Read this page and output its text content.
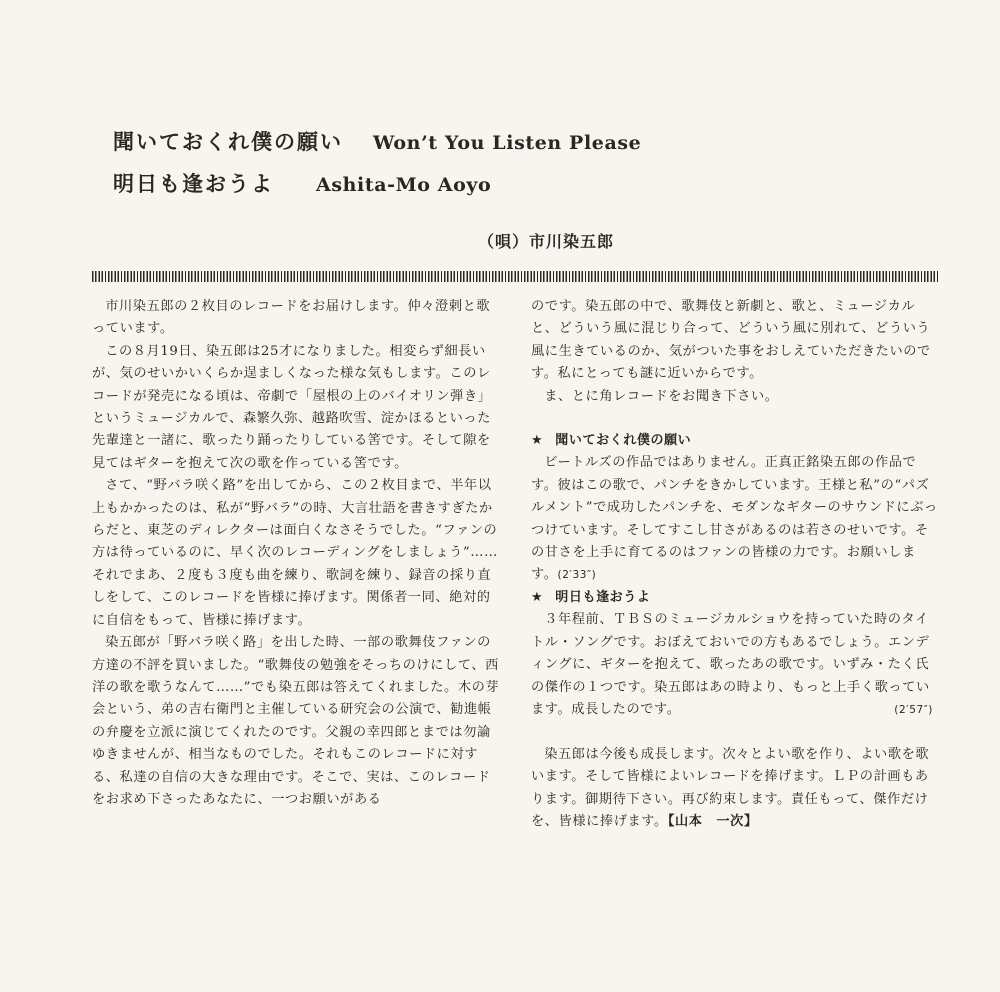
聞いておくれ僕の願い Won’t You Listen Please
明日も逢おうよ Ashita-Mo Aoyo
（唄）市川染五郎

市川染五郎の２枚目のレコードをお届けします。仲々澄剌と歌っています。

この８月19日、染五郎は25才になりました。相変らず細長いが、気のせいかいくらか逞ましくなった様な気もします。このレコードが発売になる頃は、帝劇で「屋根の上のバイオリン弾き」というミュージカルで、森繁久弥、越路吹雪、淀かほるといった先輩達と一諸に、歌ったり踊ったりしている筈です。そして隙を見てはギターを抱えて次の歌を作っている筈です。

さて、“野バラ咲く路”を出してから、この２枚目まで、半年以上もかかったのは、私が“野バラ”の時、大言壮語を書きすぎたからだと、東芝のディレクターは面白くなさそうでした。“ファンの方は待っているのに、早く次のレコーディングをしましょう”……それでまあ、２度も３度も曲を練り、歌詞を練り、録音の採り直しをして、このレコードを皆様に捧げます。関係者一同、絶対的に自信をもって、皆様に捧げます。

染五郎が「野バラ咲く路」を出した時、一部の歌舞伎ファンの方達の不評を買いました。“歌舞伎の勉強をそっちのけにして、西洋の歌を歌うなんて……”でも染五郎は答えてくれました。木の芽会という、弟の吉右衛門と主催している研究会の公演で、勧進帳の弁慶を立派に演じてくれたのです。父親の幸四郎とまでは勿論ゆきませんが、相当なものでした。それもこのレコードに対する、私達の自信の大きな理由です。そこで、実は、このレコードをお求め下さったあなたに、一つお願いがある

のです。染五郎の中で、歌舞伎と新劇と、歌と、ミュージカルと、どういう風に混じり合って、どういう風に別れて、どういう風に生きているのか、気がついた事をおしえていただきたいのです。私にとっても謎に近いからです。

ま、とに角レコードをお聞き下さい。

★ 聞いておくれ僕の願い

ビートルズの作品ではありません。正真正銘染五郎の作品です。彼はこの歌で、パンチをきかしています。王様と私”の“パズルメント”で成功したパンチを、モダンなギターのサウンドにぶっつけています。そしてすこし甘さがあるのは若さのせいです。その甘さを上手に育てるのはファンの皆様の力です。お願いします。(2′33″)

★ 明日も逢おうよ

３年程前、ＴＢＳのミュージカルショウを持っていた時のタイトル・ソングです。おぼえておいでの方もあるでしょう。エンディングに、ギターを抱えて、歌ったあの歌です。いずみ・たく氏の傑作の１つです。染五郎はあの時より、もっと上手く歌っています。成長したのです。	(2′57″)

染五郎は今後も成長します。次々とよい歌を作り、よい歌を歌います。そして皆様によいレコードを捧げます。ＬＰの計画もあります。御期待下さい。再び約束します。責任もって、傑作だけを、皆様に捧げます。【山本　一次】
